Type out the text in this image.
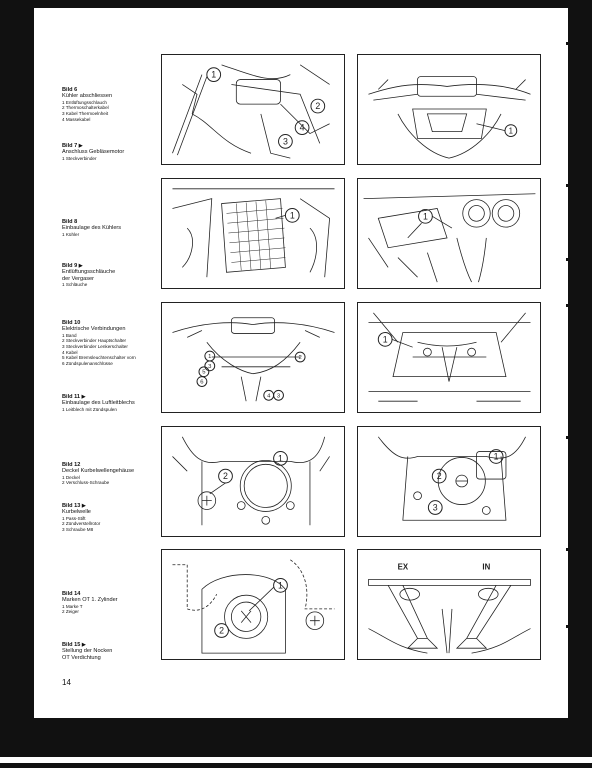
Bild 6
Kühler abschliessen
1 Entlüftungsschlauch
2 Thermoschalterkabel
3 Kabel Thermoelnheit
4 Massekabel
Bild 7 ▶
Anschluss Gebläsemotor
1 Steckverbinder
Bild 8
Einbaulage des Kühlers
1 Kühler
Bild 9 ▶
Entlüftungsschläuche
der Vergaser
1 Schläuche
Bild 10
Elektrische Verbindungen
1 Band
2 Steckverbinder Hauptschalter
3 Steckverbinder Lenkerschalter
4 Kabel
5 Kabel Bremsleuchtenschalter vorn
6 Zündspulenanschlüsse
Bild 11 ▶
Einbaulage des Luftleitblechs
1 Leitblech mit Zündspulen
Bild 12
Deckel Kurbelwellengehäuse
1 Deckel
2 Verschluss-Schraube
Bild 13 ▶
Kurbelwelle
1 Pass-Stift
2 Zündverstellrotor
3 Schraube M8
Bild 14
Marken OT 1. Zylinder
1 Marke T
2 Zeiger
Bild 15 ▶
Stellung der Nocken
OT Verdichtung
14
1
2
3
4	1
1	1
1	2
3
5
6
4 3
1
1
2
1
2
3
1
2
EX	IN
